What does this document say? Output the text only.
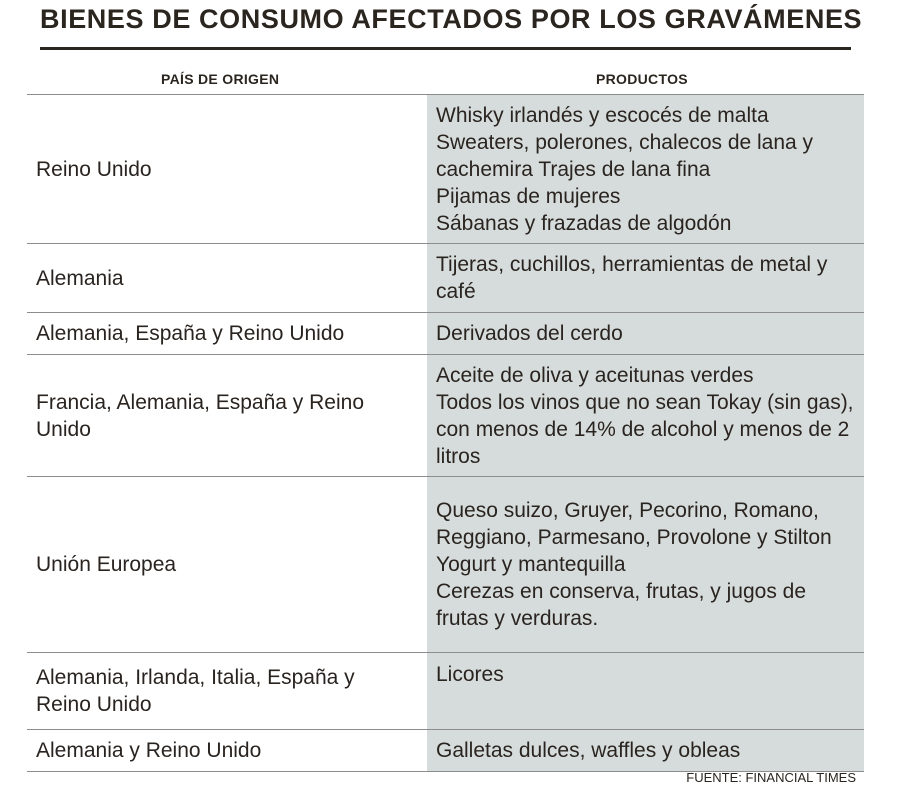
BIENES DE CONSUMO AFECTADOS POR LOS GRAVÁMENES
PAÍS DE ORIGEN	PRODUCTOS
Reino Unido	Whisky irlandés y escocés de malta
Sweaters, polerones, chalecos de lana y cachemira Trajes de lana fina
Pijamas de mujeres
Sábanas y frazadas de algodón

Alemania	Tijeras, cuchillos, herramientas de metal y café

Alemania, España y Reino Unido	Derivados del cerdo

Francia, Alemania, España y Reino Unido	Aceite de oliva y aceitunas verdes
Todos los vinos que no sean Tokay (sin gas), con menos de 14% de alcohol y menos de 2 litros

Unión Europea	Queso suizo, Gruyer, Pecorino, Romano, Reggiano, Parmesano, Provolone y Stilton
Yogurt y mantequilla
Cerezas en conserva, frutas, y jugos de frutas y verduras.

Alemania, Irlanda, Italia, España y Reino Unido	Licores

Alemania y Reino Unido	Galletas dulces, waffles y obleas
FUENTE: FINANCIAL TIMES
